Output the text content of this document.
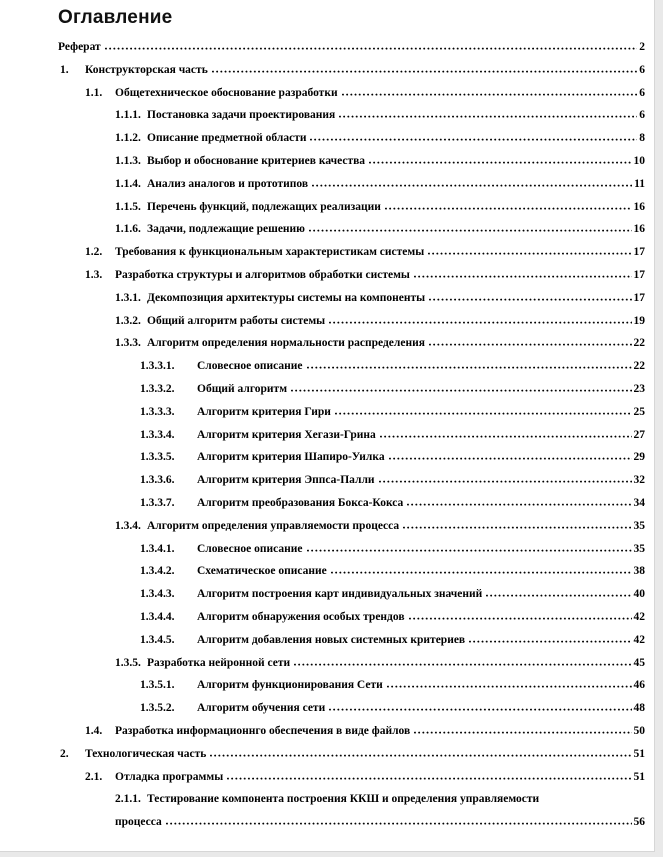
Оглавление
Реферат	2
1.	Конструкторская часть	6
1.1.	Общетехническое обоснование разработки	6
1.1.1. Постановка задачи проектирования	6
1.1.2. Описание предметной области	8
1.1.3. Выбор и обоснование критериев качества	10
1.1.4. Анализ аналогов и прототипов	11
1.1.5. Перечень функций, подлежащих реализации	16
1.1.6. Задачи, подлежащие решению	16
1.2.	Требования к функциональным характеристикам системы	17
1.3.	Разработка структуры и алгоритмов обработки системы	17
1.3.1. Декомпозиция архитектуры системы на компоненты	17
1.3.2. Общий алгоритм работы системы	19
1.3.3. Алгоритм определения нормальности распределения	22
1.3.3.1.	Словесное описание	22
1.3.3.2.	Общий алгоритм	23
1.3.3.3.	Алгоритм критерия Гири	25
1.3.3.4.	Алгоритм критерия Хегази-Грина	27
1.3.3.5.	Алгоритм критерия Шапиро-Уилка	29
1.3.3.6.	Алгоритм критерия Эппса-Палли	32
1.3.3.7.	Алгоритм преобразования Бокса-Кокса	34
1.3.4. Алгоритм определения управляемости процесса	35
1.3.4.1.	Словесное описание	35
1.3.4.2.	Схематическое описание	38
1.3.4.3.	Алгоритм построения карт индивидуальных значений	40
1.3.4.4.	Алгоритм обнаружения особых трендов	42
1.3.4.5.	Алгоритм добавления новых системных критериев	42
1.3.5. Разработка нейронной сети	45
1.3.5.1.	Алгоритм функционирования Сети	46
1.3.5.2.	Алгоритм обучения сети	48
1.4.	Разработка информационнго обеспечения в виде файлов	50
2.	Технологическая часть	51
2.1.	Отладка программы	51
2.1.1. Тестирование компонента построения ККШ и определения управляемости
процесса	56
